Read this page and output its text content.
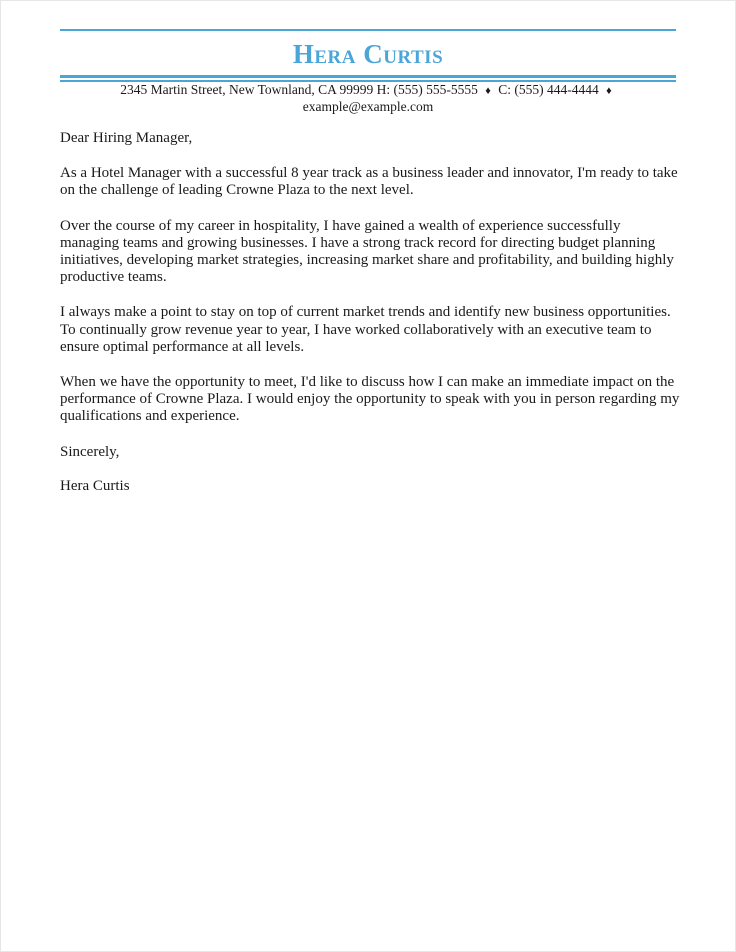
Hera Curtis
2345 Martin Street, New Townland, CA 99999 H: (555) 555-5555 ♦ C: (555) 444-4444 ♦
example@example.com

Dear Hiring Manager,

As a Hotel Manager with a successful 8 year track as a business leader and innovator, I'm ready to take on the challenge of leading Crowne Plaza to the next level.

Over the course of my career in hospitality, I have gained a wealth of experience successfully managing teams and growing businesses. I have a strong track record for directing budget planning initiatives, developing market strategies, increasing market share and profitability, and building highly productive teams.

I always make a point to stay on top of current market trends and identify new business opportunities. To continually grow revenue year to year, I have worked collaboratively with an executive team to ensure optimal performance at all levels.

When we have the opportunity to meet, I'd like to discuss how I can make an immediate impact on the performance of Crowne Plaza. I would enjoy the opportunity to speak with you in person regarding my qualifications and experience.

Sincerely,

Hera Curtis
